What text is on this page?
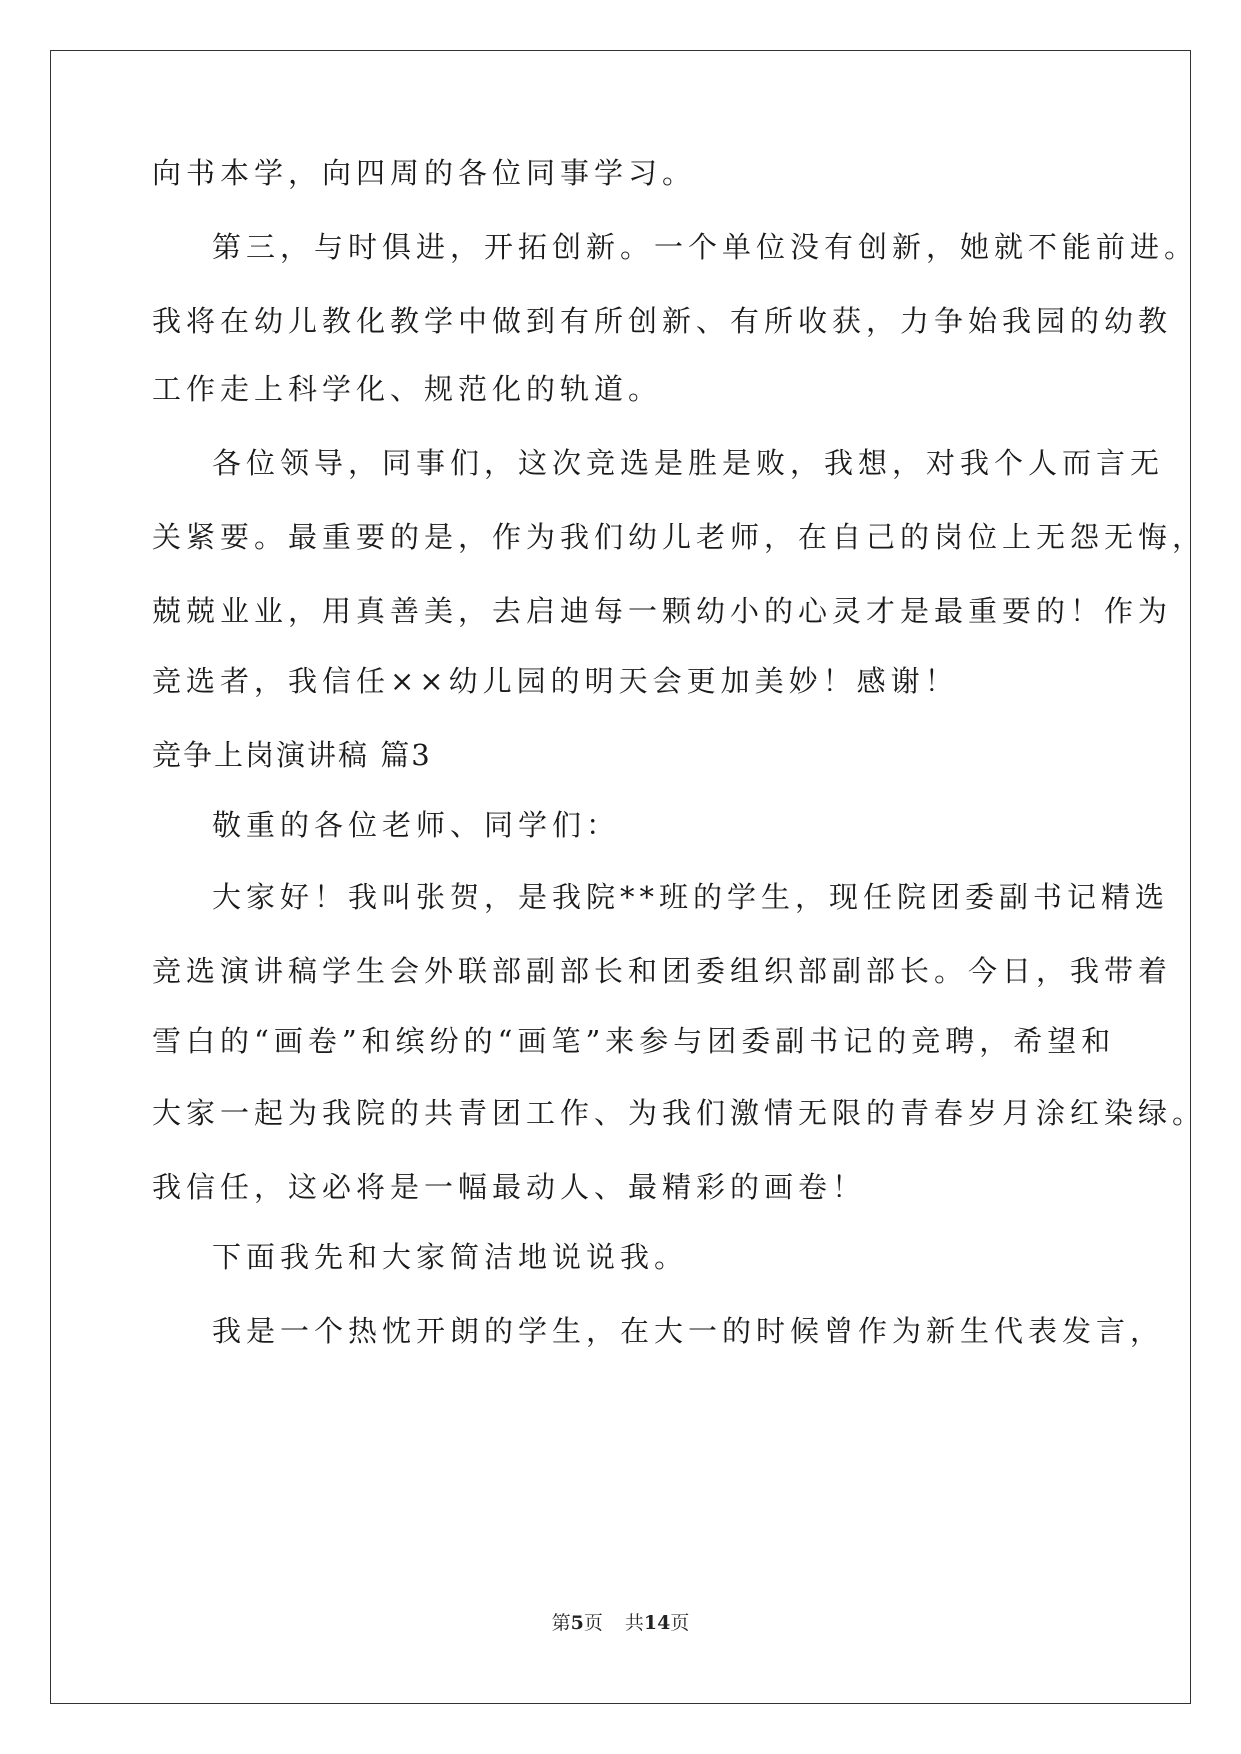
向书本学，向四周的各位同事学习。
第三，与时俱进，开拓创新。一个单位没有创新，她就不能前进。
我将在幼儿教化教学中做到有所创新、有所收获，力争始我园的幼教
工作走上科学化、规范化的轨道。
各位领导，同事们，这次竞选是胜是败，我想，对我个人而言无
关紧要。最重要的是，作为我们幼儿老师，在自己的岗位上无怨无悔，
兢兢业业，用真善美，去启迪每一颗幼小的心灵才是最重要的！作为
竞选者，我信任××幼儿园的明天会更加美妙！感谢！
竞争上岗演讲稿 篇3
敬重的各位老师、同学们：
大家好！我叫张贺，是我院**班的学生，现任院团委副书记精选
竞选演讲稿学生会外联部副部长和团委组织部副部长。今日，我带着
雪白的“画卷”和缤纷的“画笔”来参与团委副书记的竞聘，希望和
大家一起为我院的共青团工作、为我们激情无限的青春岁月涂红染绿。
我信任，这必将是一幅最动人、最精彩的画卷！
下面我先和大家简洁地说说我。
我是一个热忱开朗的学生，在大一的时候曾作为新生代表发言，
第5页 共14页
